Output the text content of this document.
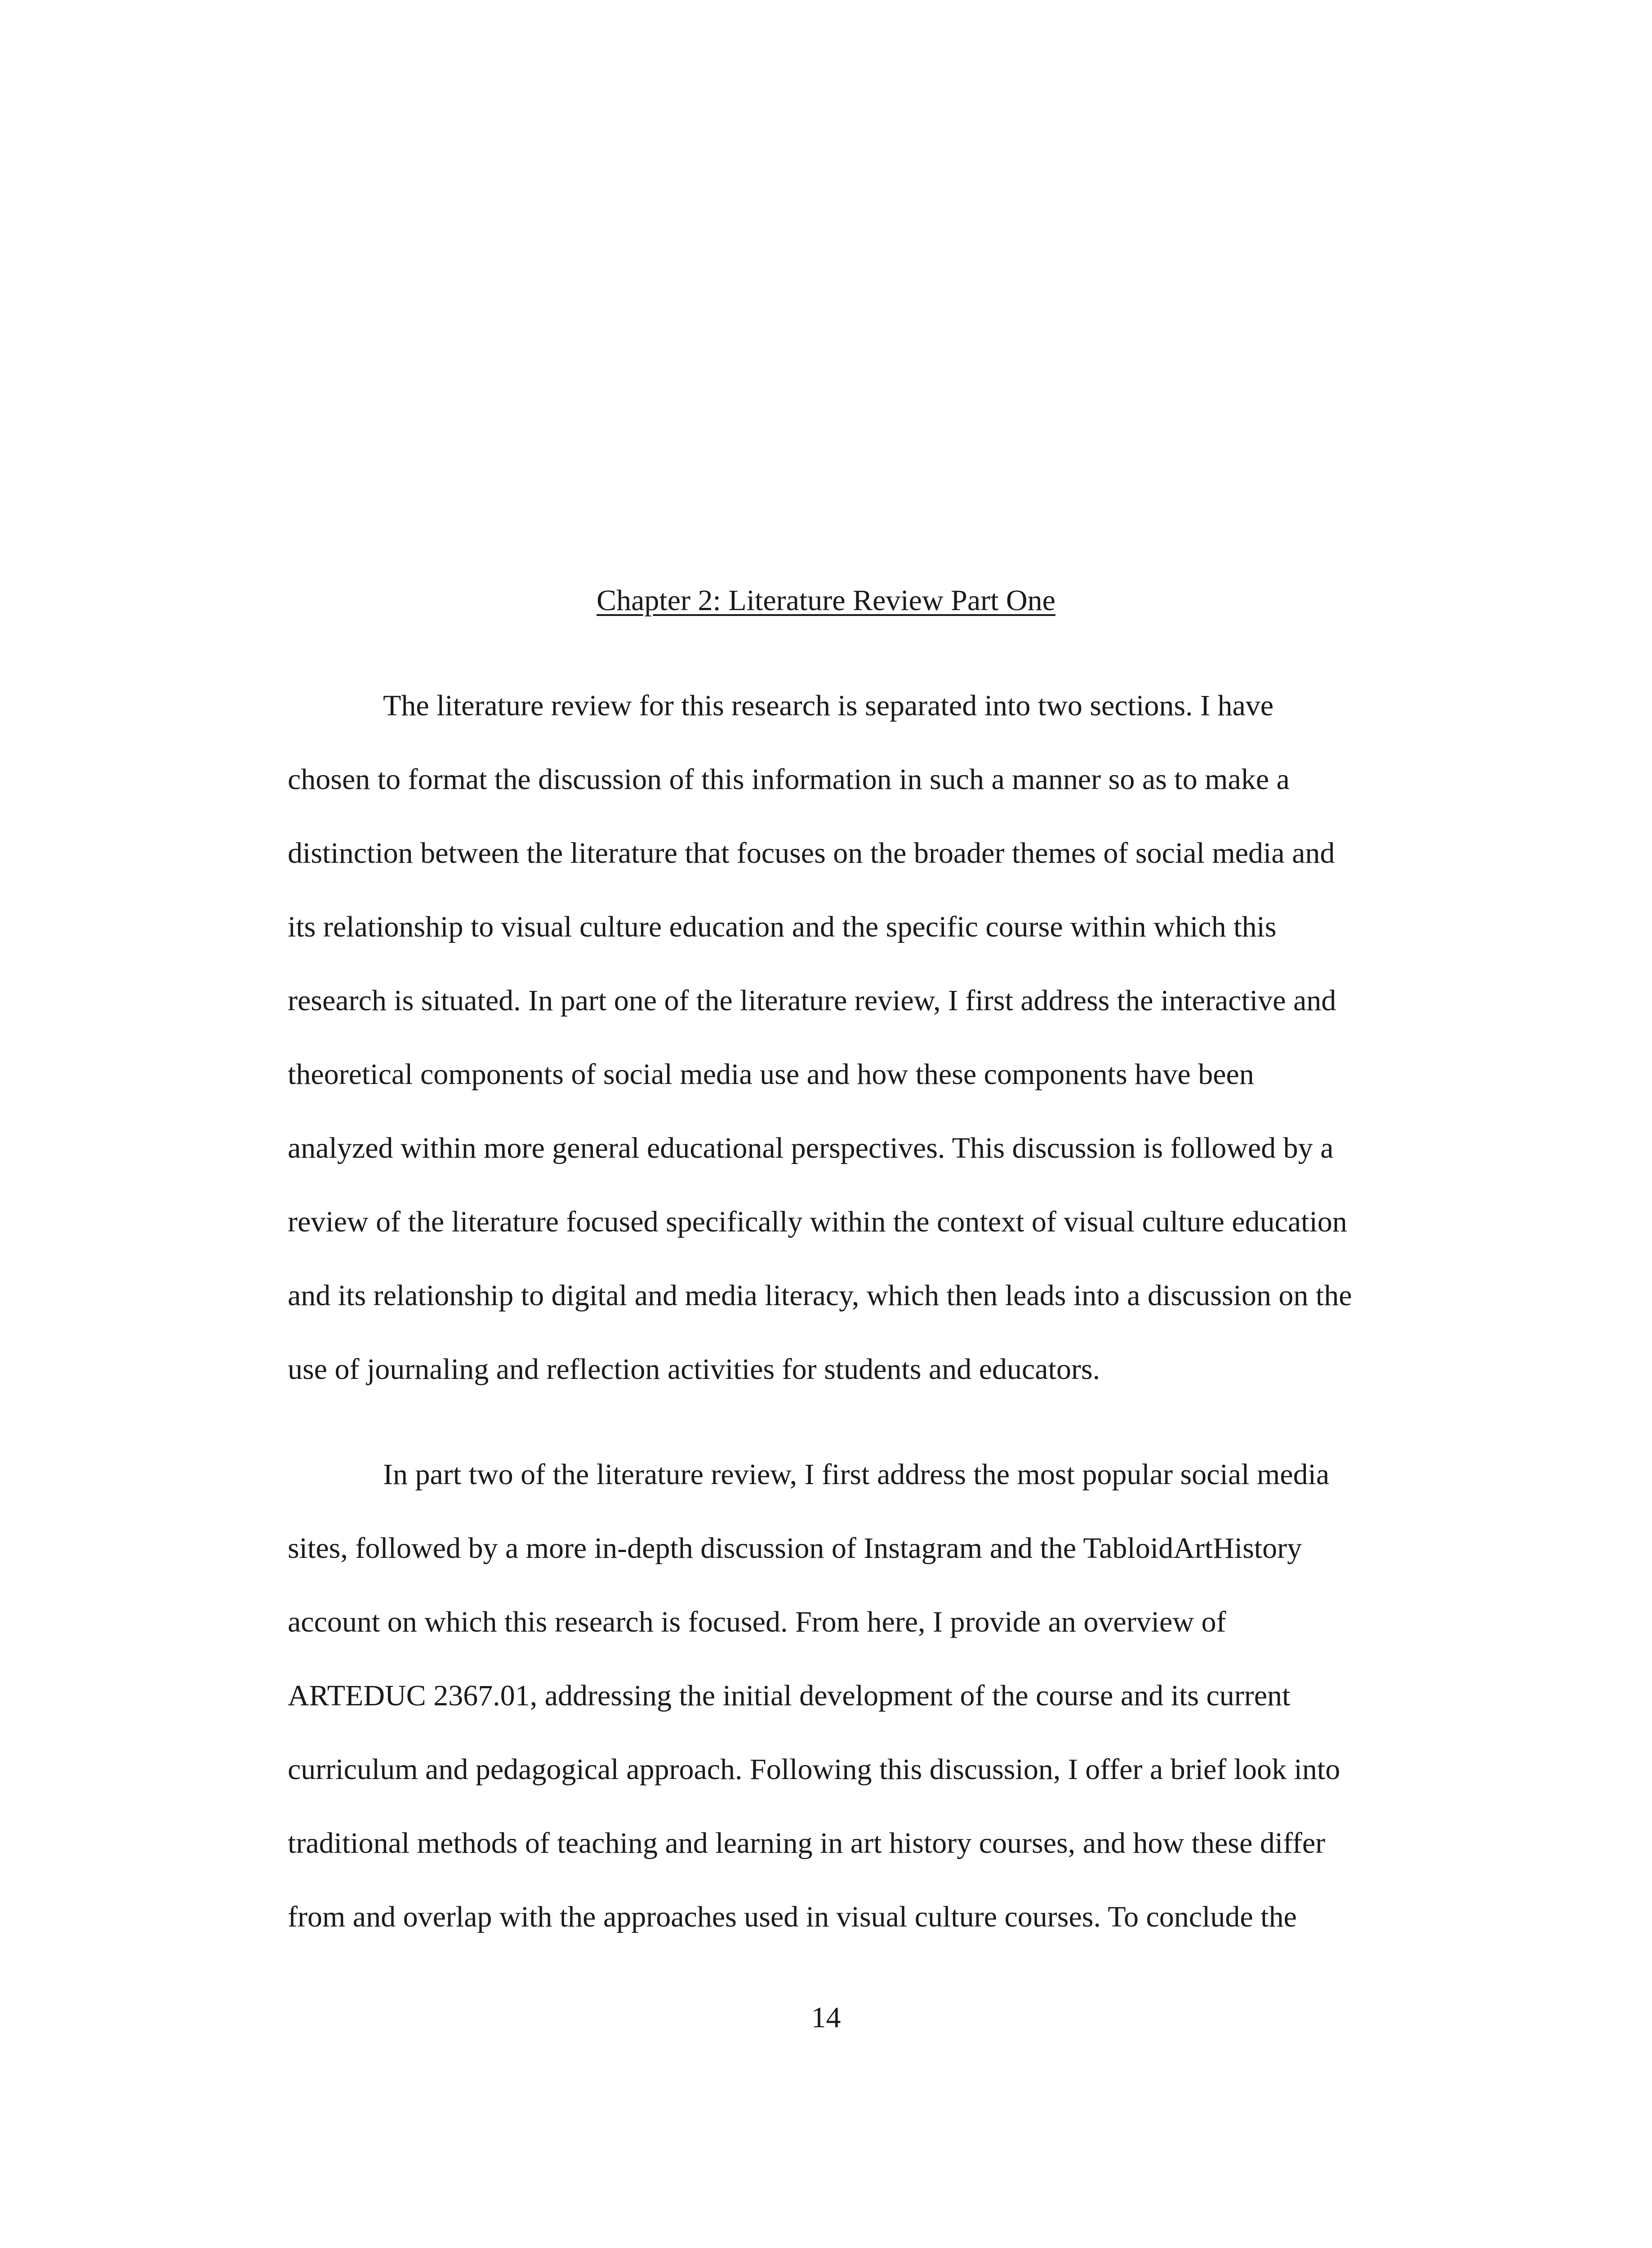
Chapter 2: Literature Review Part One
The literature review for this research is separated into two sections. I have
chosen to format the discussion of this information in such a manner so as to make a
distinction between the literature that focuses on the broader themes of social media and
its relationship to visual culture education and the specific course within which this
research is situated. In part one of the literature review, I first address the interactive and
theoretical components of social media use and how these components have been
analyzed within more general educational perspectives. This discussion is followed by a
review of the literature focused specifically within the context of visual culture education
and its relationship to digital and media literacy, which then leads into a discussion on the
use of journaling and reflection activities for students and educators.
In part two of the literature review, I first address the most popular social media
sites, followed by a more in-depth discussion of Instagram and the TabloidArtHistory
account on which this research is focused. From here, I provide an overview of
ARTEDUC 2367.01, addressing the initial development of the course and its current
curriculum and pedagogical approach. Following this discussion, I offer a brief look into
traditional methods of teaching and learning in art history courses, and how these differ
from and overlap with the approaches used in visual culture courses. To conclude the
14
